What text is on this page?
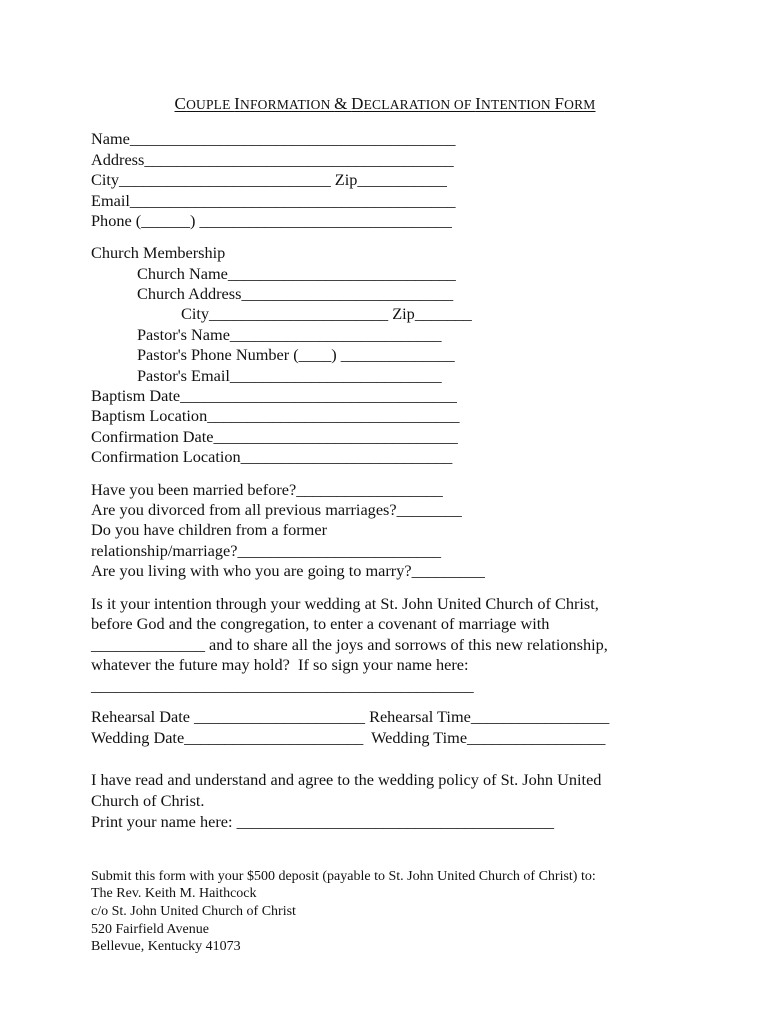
COUPLE INFORMATION & DECLARATION OF INTENTION FORM
Name________________________________________
Address______________________________________
City__________________________ Zip___________
Email________________________________________
Phone (______) _______________________________
Church Membership
Church Name____________________________
Church Address__________________________
City______________________ Zip_______
Pastor's Name__________________________
Pastor's Phone Number (____) ______________
Pastor's Email__________________________
Baptism Date__________________________________
Baptism Location_______________________________
Confirmation Date______________________________
Confirmation Location__________________________
Have you been married before?__________________
Are you divorced from all previous marriages?________
Do you have children from a former
relationship/marriage?_________________________
Are you living with who you are going to marry?_________
Is it your intention through your wedding at St. John United Church of Christ,
before God and the congregation, to enter a covenant of marriage with
______________ and to share all the joys and sorrows of this new relationship,
whatever the future may hold?  If so sign your name here:
_______________________________________________
Rehearsal Date _____________________ Rehearsal Time_________________
Wedding Date______________________  Wedding Time_________________
I have read and understand and agree to the wedding policy of St. John United
Church of Christ.
Print your name here: _______________________________________
Submit this form with your $500 deposit (payable to St. John United Church of Christ) to:
The Rev. Keith M. Haithcock
c/o St. John United Church of Christ
520 Fairfield Avenue
Bellevue, Kentucky 41073
